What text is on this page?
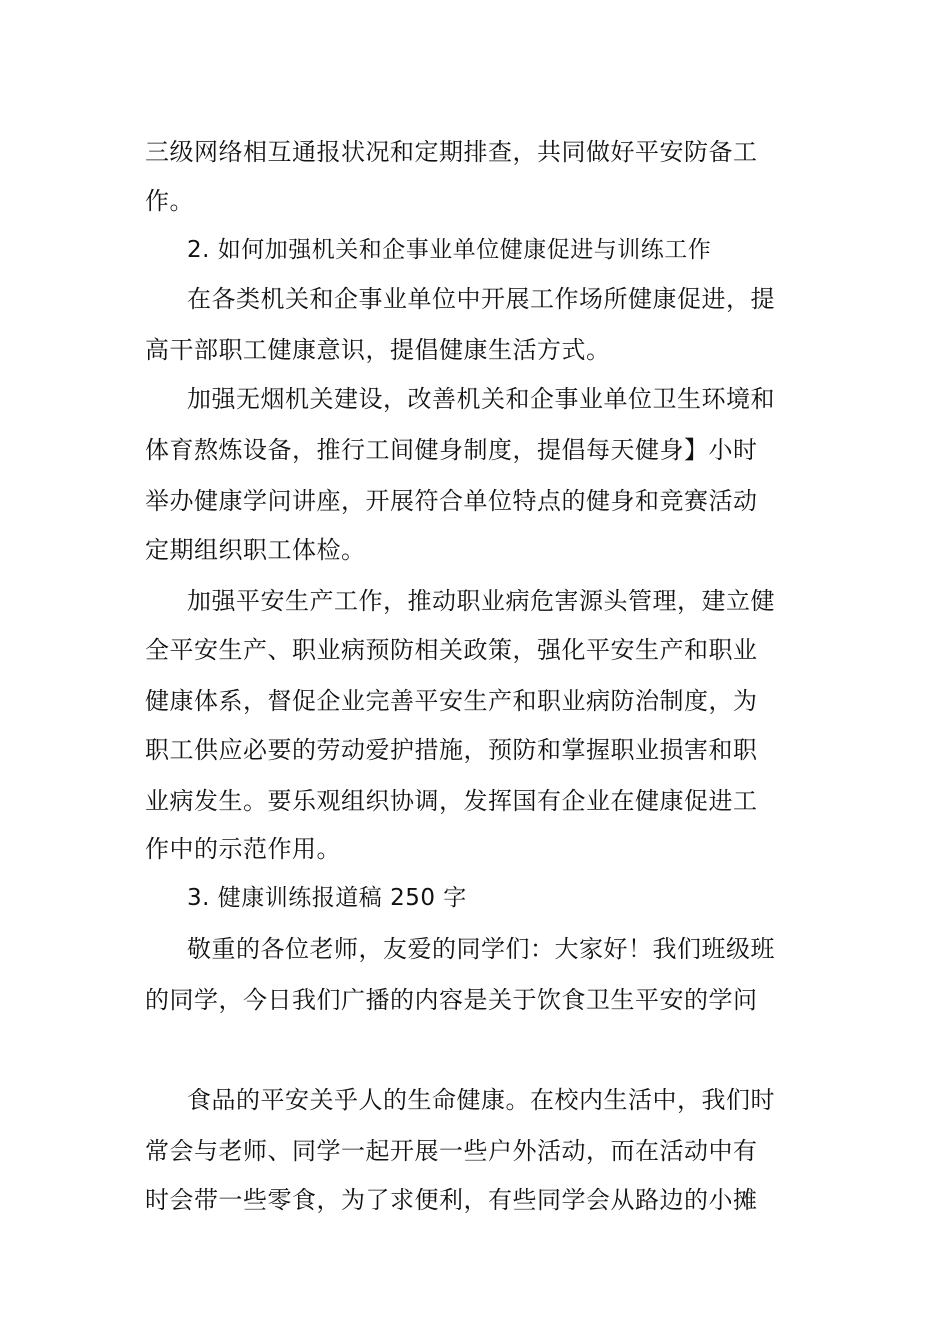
三级网络相互通报状况和定期排查，共同做好平安防备工
作。
2. 如何加强机关和企事业单位健康促进与训练工作
在各类机关和企事业单位中开展工作场所健康促进，提
高干部职工健康意识，提倡健康生活方式。
加强无烟机关建设，改善机关和企事业单位卫生环境和
体育熬炼设备，推行工间健身制度，提倡每天健身】小时
举办健康学问讲座，开展符合单位特点的健身和竞赛活动
定期组织职工体检。
加强平安生产工作，推动职业病危害源头管理，建立健
全平安生产、职业病预防相关政策，强化平安生产和职业
健康体系，督促企业完善平安生产和职业病防治制度，为
职工供应必要的劳动爱护措施，预防和掌握职业损害和职
业病发生。要乐观组织协调，发挥国有企业在健康促进工
作中的示范作用。
3. 健康训练报道稿 250 字
敬重的各位老师，友爱的同学们：大家好！我们班级班
的同学，今日我们广播的内容是关于饮食卫生平安的学问
食品的平安关乎人的生命健康。在校内生活中，我们时
常会与老师、同学一起开展一些户外活动，而在活动中有
时会带一些零食，为了求便利，有些同学会从路边的小摊
